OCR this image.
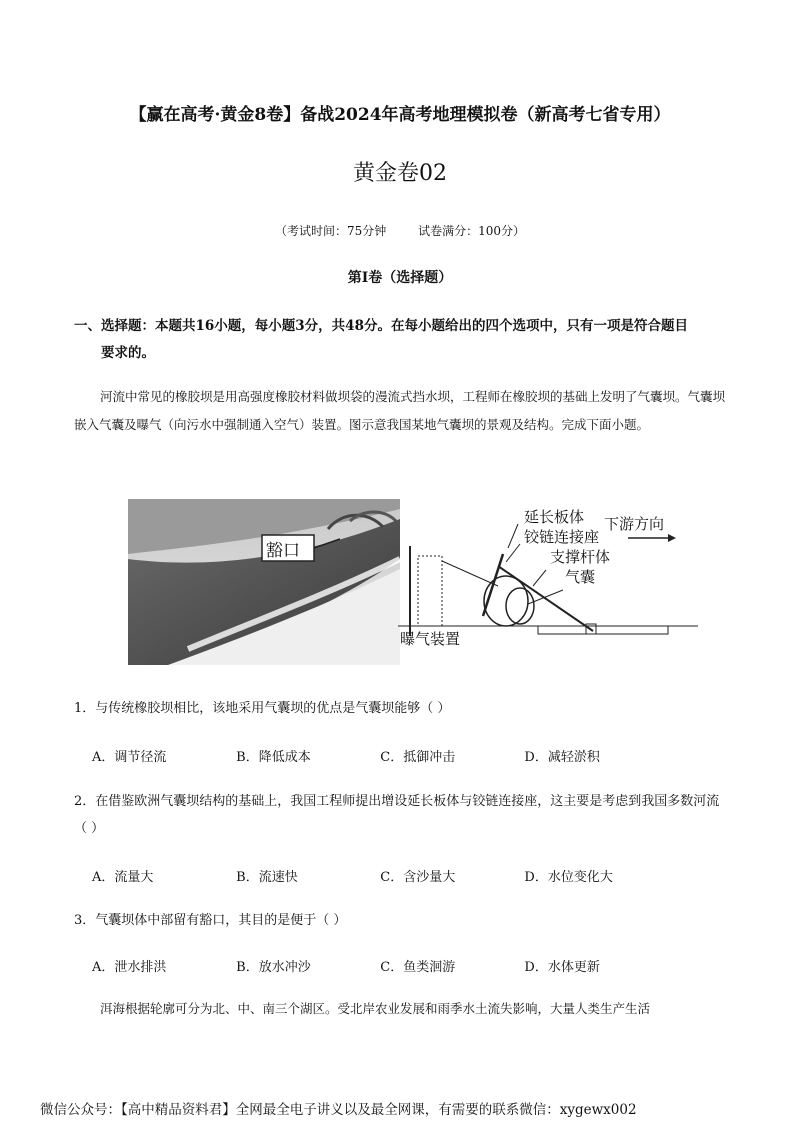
【赢在高考·黄金8卷】备战2024年高考地理模拟卷（新高考七省专用）
黄金卷02
（考试时间：75分钟	试卷满分：100分）
第Ⅰ卷（选择题）
一、选择题：本题共16小题，每小题3分，共48分。在每小题给出的四个选项中，只有一项是符合题目
要求的。
河流中常见的橡胶坝是用高强度橡胶材料做坝袋的漫流式挡水坝，工程师在橡胶坝的基础上发明了气囊坝。气囊坝嵌入气囊及曝气（向污水中强制通入空气）装置。图示意我国某地气囊坝的景观及结构。完成下面小题。
豁口
延长板体
铰链连接座
支撑杆体
气囊
曝气装置
下游方向
1．与传统橡胶坝相比，该地采用气囊坝的优点是气囊坝能够（ ）
A．调节径流	B．降低成本	C．抵御冲击	D．减轻淤积
2．在借鉴欧洲气囊坝结构的基础上，我国工程师提出增设延长板体与铰链连接座，这主要是考虑到我国多数河流（ ）
A．流量大	B．流速快	C．含沙量大	D．水位变化大
3．气囊坝体中部留有豁口，其目的是便于（ ）
A．泄水排洪	B．放水冲沙	C．鱼类洄游	D．水体更新
洱海根据轮廓可分为北、中、南三个湖区。受北岸农业发展和雨季水土流失影响，大量人类生产生活
微信公众号：【高中精品资料君】全网最全电子讲义以及最全网课，有需要的联系微信：xygewx002
